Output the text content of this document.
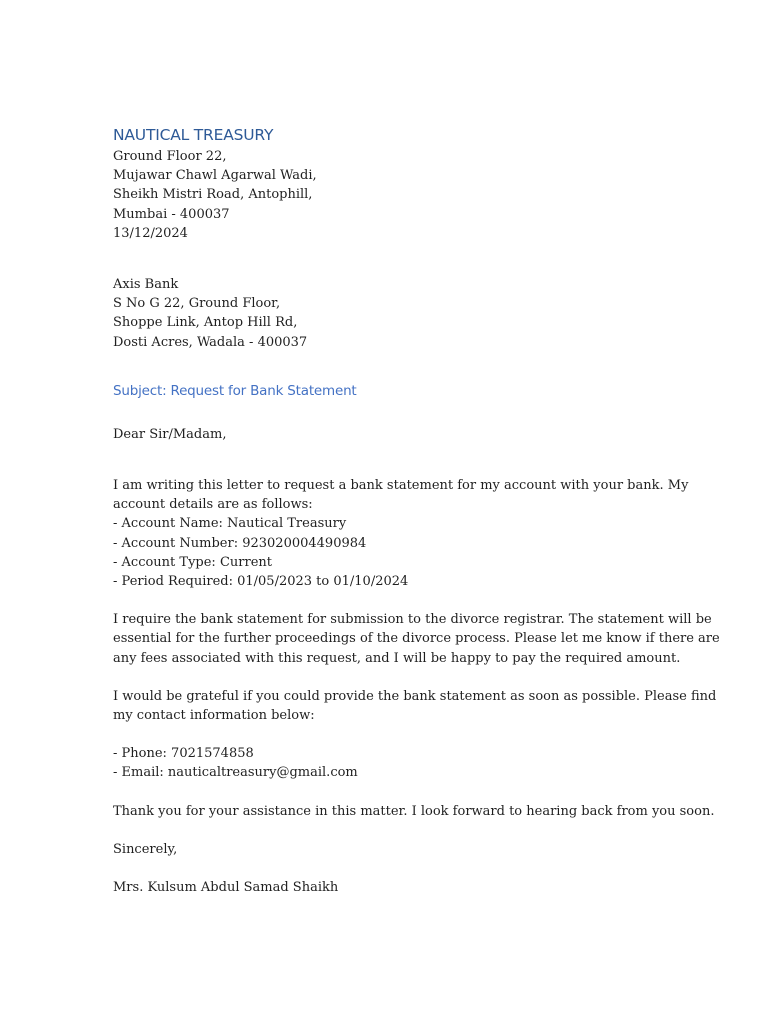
NAUTICAL TREASURY

Ground Floor 22,

Mujawar Chawl Agarwal Wadi,

Sheikh Mistri Road, Antophill,

Mumbai - 400037

13/12/2024

Axis Bank

S No G 22, Ground Floor,

Shoppe Link, Antop Hill Rd,

Dosti Acres, Wadala - 400037

Subject: Request for Bank Statement

Dear Sir/Madam,

I am writing this letter to request a bank statement for my account with your bank. My

account details are as follows:

- Account Name: Nautical Treasury

- Account Number: 923020004490984

- Account Type: Current

- Period Required: 01/05/2023 to 01/10/2024

I require the bank statement for submission to the divorce registrar. The statement will be

essential for the further proceedings of the divorce process. Please let me know if there are

any fees associated with this request, and I will be happy to pay the required amount.

I would be grateful if you could provide the bank statement as soon as possible. Please find

my contact information below:

- Phone: 7021574858

- Email: nauticaltreasury@gmail.com

Thank you for your assistance in this matter. I look forward to hearing back from you soon.

Sincerely,

Mrs. Kulsum Abdul Samad Shaikh
